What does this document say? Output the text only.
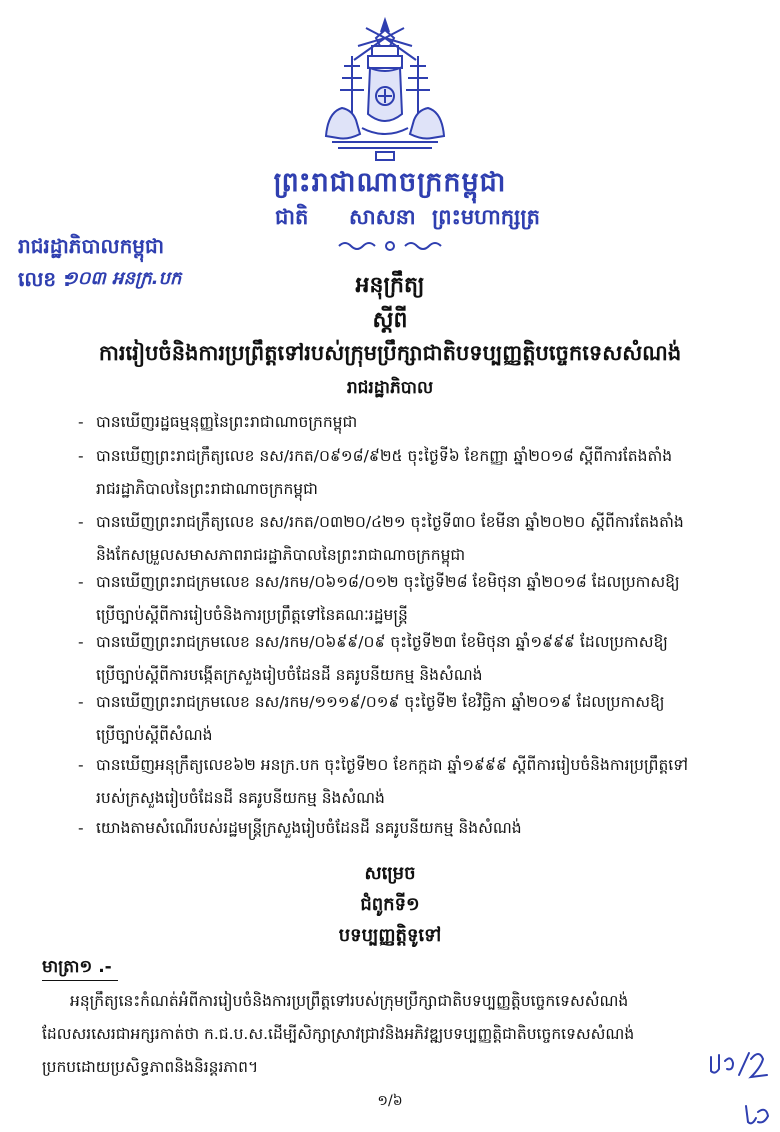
ព្រះរាជាណាចក្រកម្ពុជា
ជាតិ សាសនា ព្រះមហាក្សត្រ
រាជរដ្ឋាភិបាលកម្ពុជា
លេខ :
១០៣ អនក្រ.បក	អនុក្រឹត្យ
ស្ដីពី
ការរៀបចំនិងការប្រព្រឹត្តទៅរបស់ក្រុមប្រឹក្សាជាតិបទប្បញ្ញត្តិបច្ចេកទេសសំណង់
រាជរដ្ឋាភិបាល
- បានឃើញរដ្ឋធម្មនុញ្ញនៃព្រះរាជាណាចក្រកម្ពុជា
- បានឃើញព្រះរាជក្រឹត្យលេខ នស/រកត/០៩១៨/៩២៥ ចុះថ្ងៃទី៦ ខែកញ្ញា ឆ្នាំ២០១៨ ស្ដីពីការតែងតាំង
រាជរដ្ឋាភិបាលនៃព្រះរាជាណាចក្រកម្ពុជា
- បានឃើញព្រះរាជក្រឹត្យលេខ នស/រកត/០៣២០/៤២១ ចុះថ្ងៃទី៣០ ខែមីនា ឆ្នាំ២០២០ ស្ដីពីការតែងតាំង
និងកែសម្រួលសមាសភាពរាជរដ្ឋាភិបាលនៃព្រះរាជាណាចក្រកម្ពុជា
- បានឃើញព្រះរាជក្រមលេខ នស/រកម/០៦១៨/០១២ ចុះថ្ងៃទី២៨ ខែមិថុនា ឆ្នាំ២០១៨ ដែលប្រកាសឱ្យ
ប្រើច្បាប់ស្ដីពីការរៀបចំនិងការប្រព្រឹត្តទៅនៃគណៈរដ្ឋមន្ត្រី
- បានឃើញព្រះរាជក្រមលេខ នស/រកម/០៦៩៩/០៩ ចុះថ្ងៃទី២៣ ខែមិថុនា ឆ្នាំ១៩៩៩ ដែលប្រកាសឱ្យ
ប្រើច្បាប់ស្ដីពីការបង្កើតក្រសួងរៀបចំដែនដី នគរូបនីយកម្ម និងសំណង់
- បានឃើញព្រះរាជក្រមលេខ នស/រកម/១១១៩/០១៩ ចុះថ្ងៃទី២ ខែវិច្ឆិកា ឆ្នាំ២០១៩ ដែលប្រកាសឱ្យ
ប្រើច្បាប់ស្ដីពីសំណង់
- បានឃើញអនុក្រឹត្យលេខ៦២ អនក្រ.បក ចុះថ្ងៃទី២០ ខែកក្កដា ឆ្នាំ១៩៩៩ ស្ដីពីការរៀបចំនិងការប្រព្រឹត្តទៅ
របស់ក្រសួងរៀបចំដែនដី នគរូបនីយកម្ម និងសំណង់
- យោងតាមសំណើរបស់រដ្ឋមន្ត្រីក្រសួងរៀបចំដែនដី នគរូបនីយកម្ម និងសំណង់
សម្រេច
ជំពូកទី១
បទប្បញ្ញត្តិទូទៅ
មាត្រា១ .-
អនុក្រឹត្យនេះកំណត់អំពីការរៀបចំនិងការប្រព្រឹត្តទៅរបស់ក្រុមប្រឹក្សាជាតិបទប្បញ្ញត្តិបច្ចេកទេសសំណង់
ដែលសរសេរជាអក្សរកាត់ថា ក.ជ.ប.ស.ដើម្បីសិក្សាស្រាវជ្រាវនិងអភិវឌ្ឍបទប្បញ្ញត្តិជាតិបច្ចេកទេសសំណង់
ប្រកបដោយប្រសិទ្ធភាពនិងនិរន្តរភាព។
១/៦
